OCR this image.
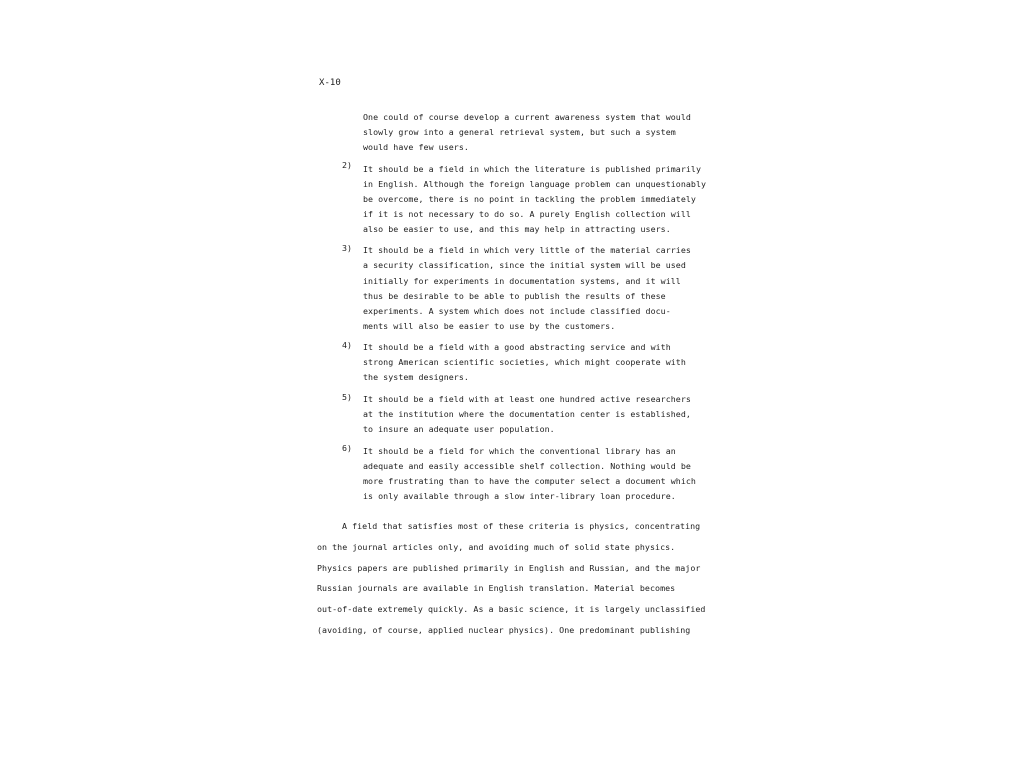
X-10
One could of course develop a current awareness system that would
slowly grow into a general retrieval system, but such a system
would have few users.
2) It should be a field in which the literature is published primarily
in English. Although the foreign language problem can unquestionably
be overcome, there is no point in tackling the problem immediately
if it is not necessary to do so. A purely English collection will
also be easier to use, and this may help in attracting users.
3) It should be a field in which very little of the material carries
a security classification, since the initial system will be used
initially for experiments in documentation systems, and it will
thus be desirable to be able to publish the results of these
experiments. A system which does not include classified docu-
ments will also be easier to use by the customers.
4) It should be a field with a good abstracting service and with
strong American scientific societies, which might cooperate with
the system designers.
5) It should be a field with at least one hundred active researchers
at the institution where the documentation center is established,
to insure an adequate user population.
6) It should be a field for which the conventional library has an
adequate and easily accessible shelf collection. Nothing would be
more frustrating than to have the computer select a document which
is only available through a slow inter-library loan procedure.
A field that satisfies most of these criteria is physics, concentrating
on the journal articles only, and avoiding much of solid state physics.
Physics papers are published primarily in English and Russian, and the major
Russian journals are available in English translation. Material becomes
out-of-date extremely quickly. As a basic science, it is largely unclassified
(avoiding, of course, applied nuclear physics). One predominant publishing
